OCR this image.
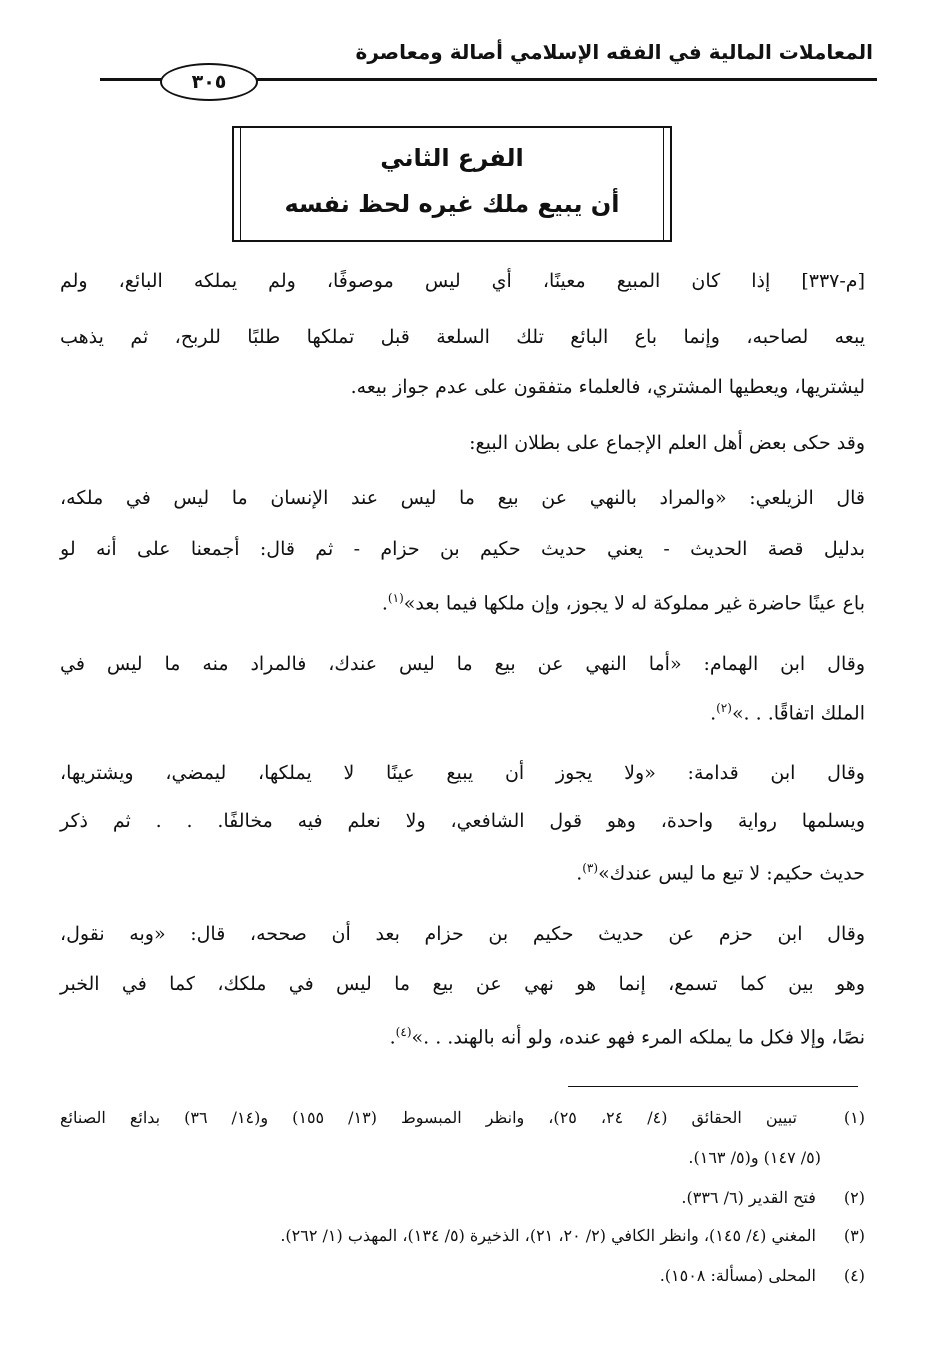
المعاملات المالية في الفقه الإسلامي أصالة ومعاصرة
٣٠٥
الفرع الثاني
أن يبيع ملك غيره لحظ نفسه
[م-٣٣٧] إذا كان المبيع معينًا، أي ليس موصوفًا، ولم يملكه البائع، ولم
يبعه لصاحبه، وإنما باع البائع تلك السلعة قبل تملكها طلبًا للربح، ثم يذهب
ليشتريها، ويعطيها المشتري، فالعلماء متفقون على عدم جواز بيعه.
وقد حكى بعض أهل العلم الإجماع على بطلان البيع:
قال الزيلعي: «والمراد بالنهي عن بيع ما ليس عند الإنسان ما ليس في ملكه،
بدليل قصة الحديث - يعني حديث حكيم بن حزام - ثم قال: أجمعنا على أنه لو
باع عينًا حاضرة غير مملوكة له لا يجوز، وإن ملكها فيما بعد»$^{(١)}$.
وقال ابن الهمام: «أما النهي عن بيع ما ليس عندك، فالمراد منه ما ليس في
الملك اتفاقًا. . .»$^{(٢)}$.
وقال ابن قدامة: «ولا يجوز أن يبيع عينًا لا يملكها، ليمضي، ويشتريها،
ويسلمها رواية واحدة، وهو قول الشافعي، ولا نعلم فيه مخالفًا. . . ثم ذكر
حديث حكيم: لا تبع ما ليس عندك»$^{(٣)}$.
وقال ابن حزم عن حديث حكيم بن حزام بعد أن صححه، قال: «وبه نقول،
وهو بين كما تسمع، إنما هو نهي عن بيع ما ليس في ملكك، كما في الخبر
نصًا، وإلا فكل ما يملكه المرء فهو عنده، ولو أنه بالهند. . .»$^{(٤)}$.
(١) تبيين الحقائق (٤/ ٢٤، ٢٥)، وانظر المبسوط (١٣/ ١٥٥) و(١٤/ ٣٦) بدائع الصنائع
(٥/ ١٤٧) و(٥/ ١٦٣).
(٢) فتح القدير (٦/ ٣٣٦).
(٣) المغني (٤/ ١٤٥)، وانظر الكافي (٢/ ٢٠، ٢١)، الذخيرة (٥/ ١٣٤)، المهذب (١/ ٢٦٢).
(٤) المحلى (مسألة: ١٥٠٨).
